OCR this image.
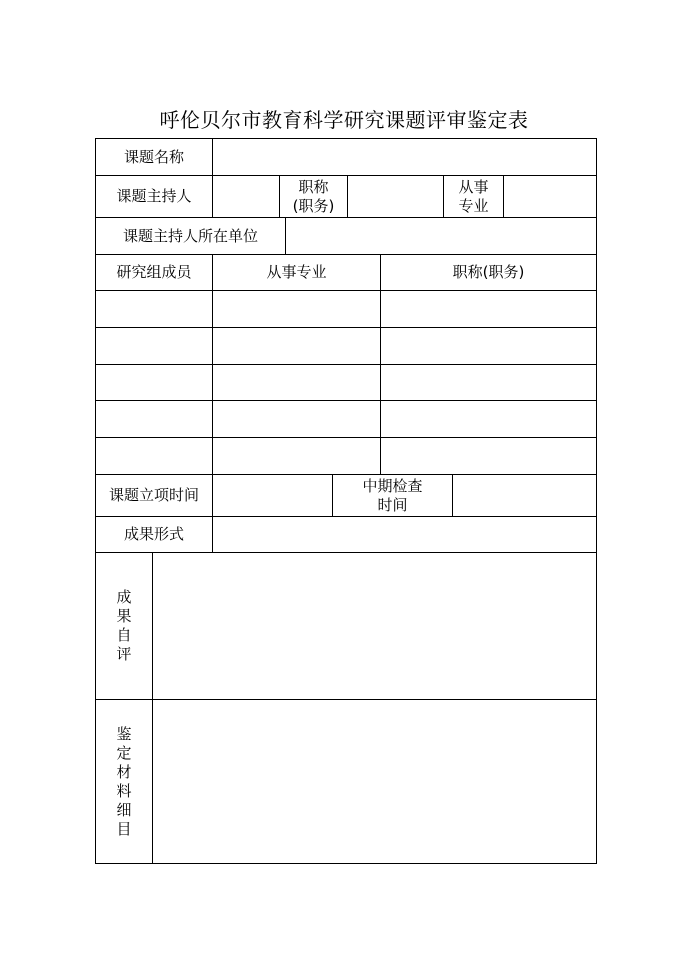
呼伦贝尔市教育科学研究课题评审鉴定表
课题名称
课题主持人
职称
(职务)
从事
专业
课题主持人所在单位
研究组成员	从事专业	职称(职务)
课题立项时间
中期检查
时间
成果形式
成
果
自
评
鉴
定
材
料
细
目
